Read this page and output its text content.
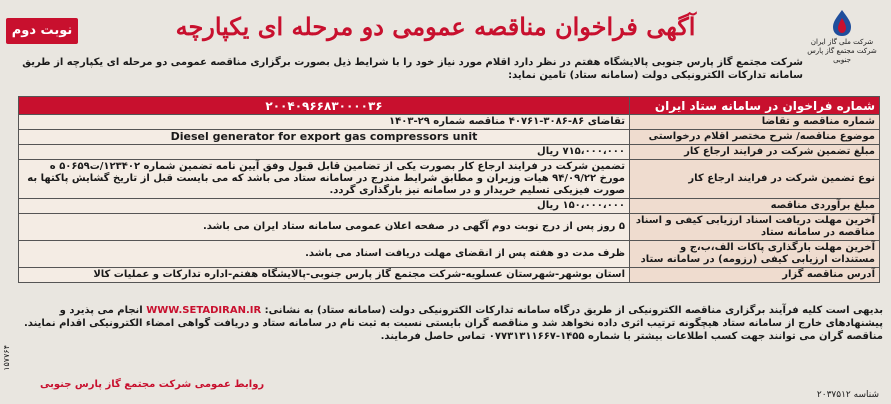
نوبت دوم	آگهی فراخوان مناقصه عمومی دو مرحله ای یکپارچه
شرکت ملی گاز ایران
شرکت مجتمع گاز پارس جنوبی
شرکت مجتمع گاز پارس جنوبی پالایشگاه هفتم در نظر دارد اقلام مورد نیاز خود را با شرایط ذیل بصورت برگزاری مناقصه عمومی دو مرحله ای یکپارچه از طریق سامانه تدارکات الکترونیکی دولت (سامانه ستاد) تامین نماید:
شماره فراخوان در سامانه ستاد ایران	۲۰۰۴۰۹۶۶۸۳۰۰۰۰۳۶
شماره مناقصه و تقاضا	تقاضای ۸۶-۳۰۸۶-۴۰۷۶۱ مناقصه شماره ۲۹-۱۴۰۳
موضوع مناقصه/ شرح مختصر اقلام درخواستی	Diesel generator for export gas compressors unit
مبلغ تضمین شرکت در فرایند ارجاع کار	۷۱۵،۰۰۰،۰۰۰ ریال
نوع تضمین شرکت در فرایند ارجاع کار	تضمین شرکت در فرایند ارجاع کار بصورت یکی از تضامین قابل قبول وفق آیین نامه تضمین شماره ۱۲۳۴۰۲/ت۵۰۶۵۹ ه مورخ ۹۴/۰۹/۲۲ هیات وزیران و مطابق شرایط مندرج در سامانه ستاد می باشد که می بایست قبل از تاریخ گشایش پاکتها به صورت فیزیکی تسلیم خریدار و در سامانه نیز بارگذاری گردد.
مبلغ برآوردی مناقصه	۱۵۰،۰۰۰،۰۰۰ ریال
آخرین مهلت دریافت اسناد ارزیابی کیفی و اسناد مناقصه در سامانه ستاد	۵ روز پس از درج نوبت دوم آگهی در صفحه اعلان عمومی سامانه ستاد ایران می باشد.
آخرین مهلت بارگذاری پاکات الف،ب،ج و مستندات ارزیابی کیفی (رزومه) در سامانه ستاد	ظرف مدت دو هفته پس از انقضای مهلت دریافت اسناد می باشد.
آدرس مناقصه گزار	استان بوشهر-شهرستان عسلویه-شرکت مجتمع گاز پارس جنوبی-پالایشگاه هفتم-اداره تدارکات و عملیات کالا

بدیهی است کلیه فرآیند برگزاری مناقصه الکترونیکی از طریق درگاه سامانه تدارکات الکترونیکی دولت (سامانه ستاد) به نشانی: WWW.SETADIRAN.IR انجام می پذیرد و پیشنهادهای خارج از سامانه ستاد هیچگونه ترتیب اثری داده نخواهد شد و مناقصه گران بایستی نسبت به ثبت نام در سامانه ستاد و دریافت گواهی امضاء الکترونیکی اقدام نمایند.

مناقصه گران می توانند جهت کسب اطلاعات بیشتر با شماره ۱۴۵۵-۰۷۷۳۱۳۱۱۶۶۷ تماس حاصل فرمایند.

روابط عمومی شرکت مجتمع گاز پارس جنوبی
شناسه ۲۰۳۷۵۱۲
۱۵۷۷۶۴
